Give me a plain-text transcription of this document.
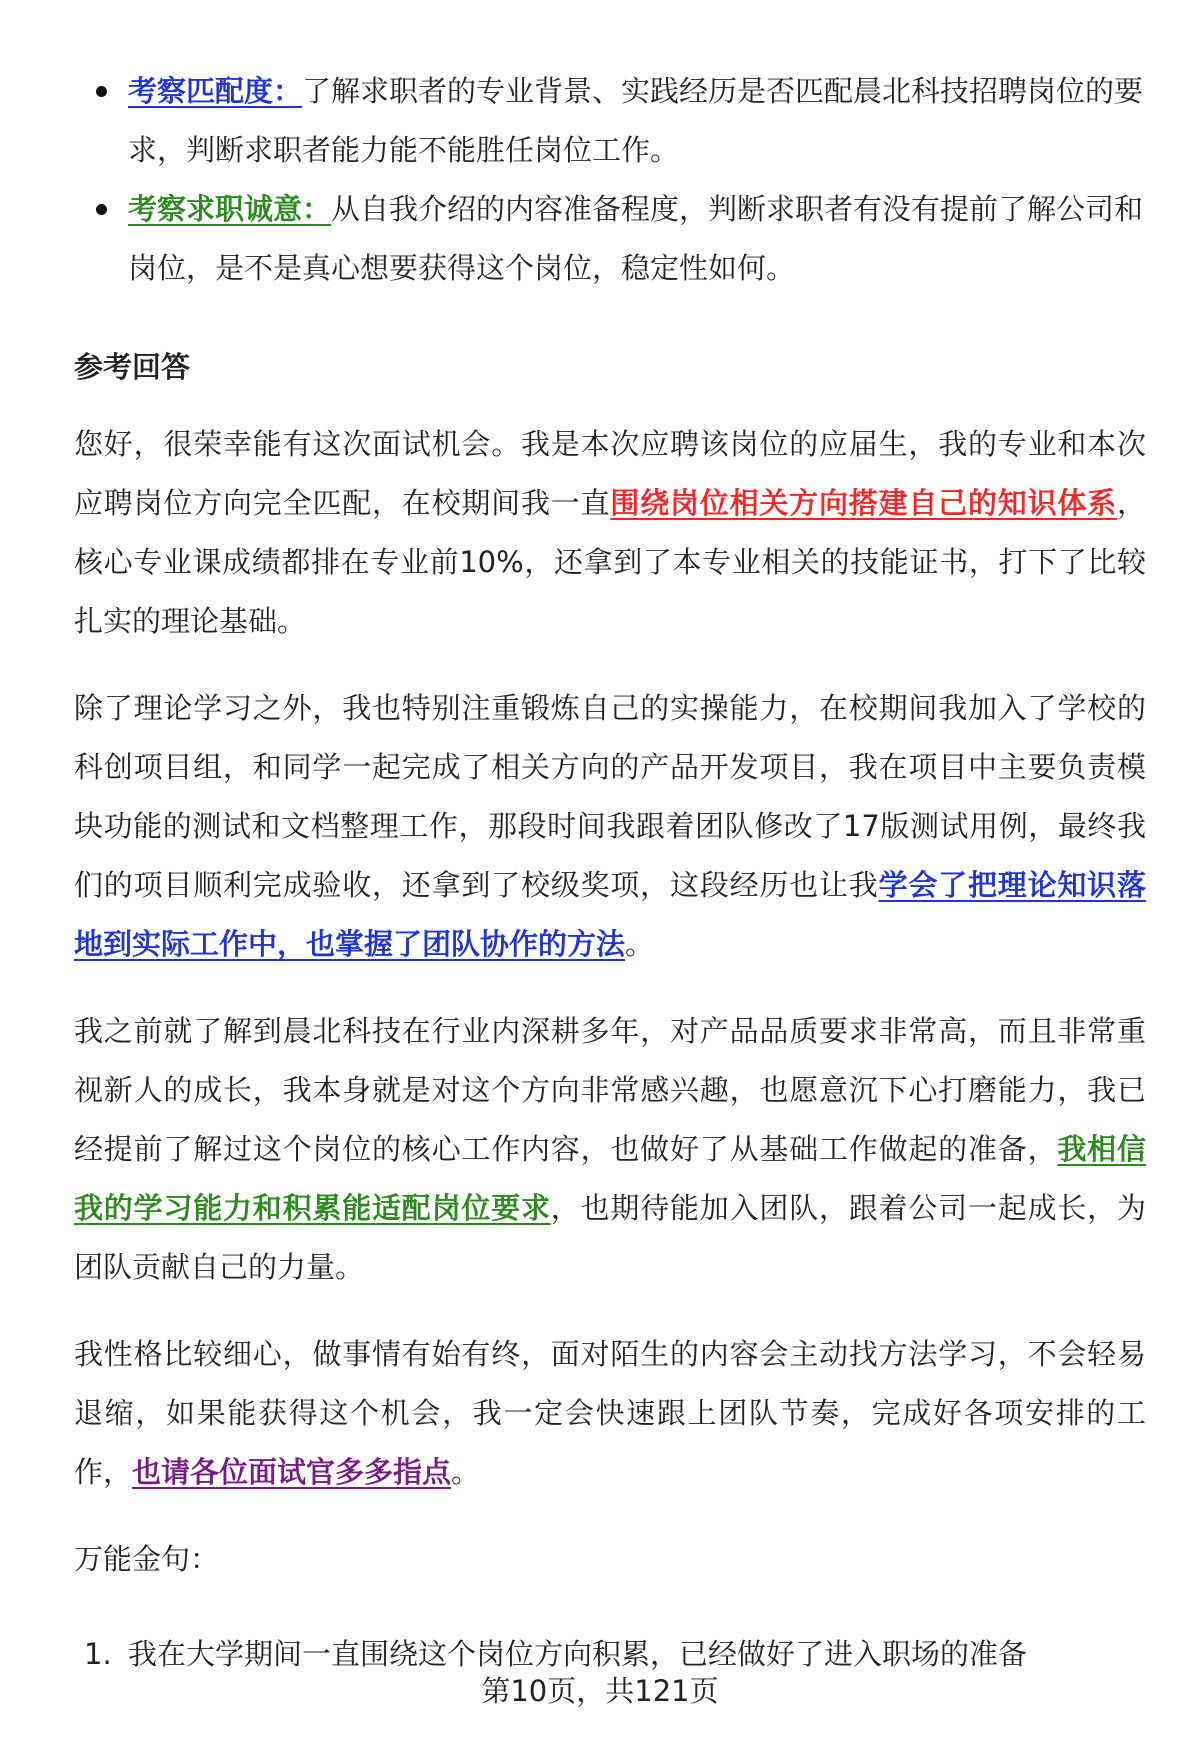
考察匹配度：了解求职者的专业背景、实践经历是否匹配晨北科技招聘岗位的要求，判断求职者能力能不能胜任岗位工作。
考察求职诚意：从自我介绍的内容准备程度，判断求职者有没有提前了解公司和岗位，是不是真心想要获得这个岗位，稳定性如何。
参考回答

您好，很荣幸能有这次面试机会。我是本次应聘该岗位的应届生，我的专业和本次应聘岗位方向完全匹配，在校期间我一直围绕岗位相关方向搭建自己的知识体系，核心专业课成绩都排在专业前10%，还拿到了本专业相关的技能证书，打下了比较扎实的理论基础。

除了理论学习之外，我也特别注重锻炼自己的实操能力，在校期间我加入了学校的科创项目组，和同学一起完成了相关方向的产品开发项目，我在项目中主要负责模块功能的测试和文档整理工作，那段时间我跟着团队修改了17版测试用例，最终我们的项目顺利完成验收，还拿到了校级奖项，这段经历也让我学会了把理论知识落地到实际工作中，也掌握了团队协作的方法。

我之前就了解到晨北科技在行业内深耕多年，对产品品质要求非常高，而且非常重视新人的成长，我本身就是对这个方向非常感兴趣，也愿意沉下心打磨能力，我已经提前了解过这个岗位的核心工作内容，也做好了从基础工作做起的准备，我相信我的学习能力和积累能适配岗位要求，也期待能加入团队，跟着公司一起成长，为团队贡献自己的力量。

我性格比较细心，做事情有始有终，面对陌生的内容会主动找方法学习，不会轻易退缩，如果能获得这个机会，我一定会快速跟上团队节奏，完成好各项安排的工作，也请各位面试官多多指点。

万能金句：

1. 我在大学期间一直围绕这个岗位方向积累，已经做好了进入职场的准备
第10页，共121页
